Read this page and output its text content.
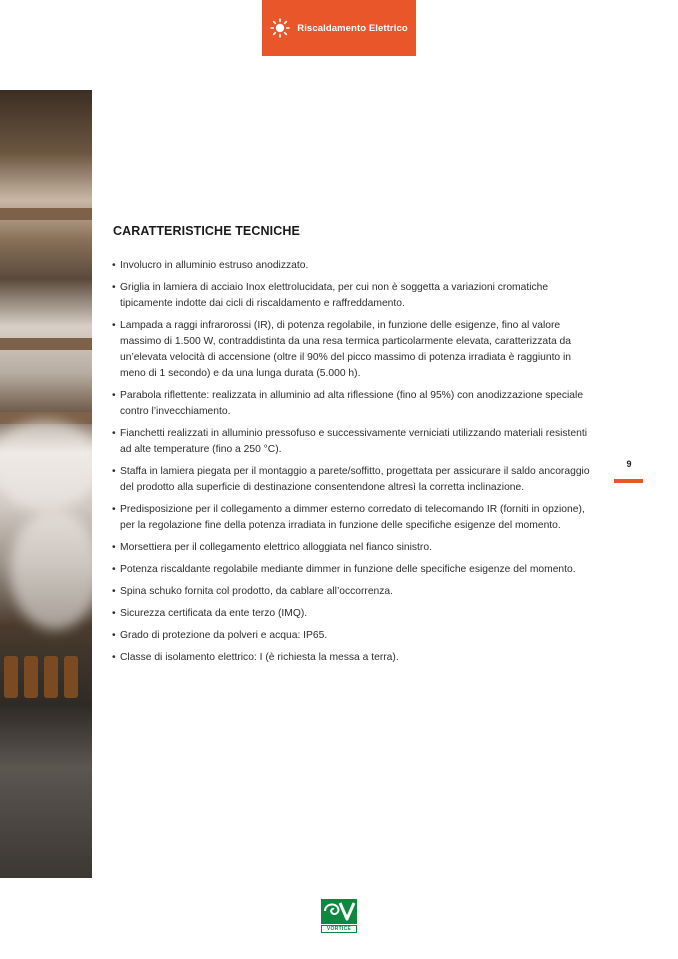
Riscaldamento Elettrico
CARATTERISTICHE TECNICHE
• Involucro in alluminio estruso anodizzato.
• Griglia in lamiera di acciaio Inox elettrolucidata, per cui non è soggetta a variazioni cromatiche tipicamente indotte dai cicli di riscaldamento e raffreddamento.
• Lampada a raggi infrarorossi (IR), di potenza regolabile, in funzione delle esigenze, fino al valore massimo di 1.500 W, contraddistinta da una resa termica particolarmente elevata, caratterizzata da un’elevata velocità di accensione (oltre il 90% del picco massimo di potenza irradiata è raggiunto in meno di 1 secondo) e da una lunga durata (5.000 h).
• Parabola riflettente: realizzata in alluminio ad alta riflessione (fino al 95%) con anodizzazione speciale contro l’invecchiamento.
• Fianchetti realizzati in alluminio pressofuso e successivamente verniciati utilizzando materiali resistenti ad alte temperature (fino a 250 °C).
• Staffa in lamiera piegata per il montaggio a parete/soffitto, progettata per assicurare il saldo ancoraggio del prodotto alla superficie di destinazione consentendone altresì la corretta inclinazione.
• Predisposizione per il collegamento a dimmer esterno corredato di telecomando IR (forniti in opzione), per la regolazione fine della potenza irradiata in funzione delle specifiche esigenze del momento.
• Morsettiera per il collegamento elettrico alloggiata nel fianco sinistro.
• Potenza riscaldante regolabile mediante dimmer in funzione delle specifiche esigenze del momento.
• Spina schuko fornita col prodotto, da cablare all’occorrenza.
• Sicurezza certificata da ente terzo (IMQ).
• Grado di protezione da polveri e acqua: IP65.
• Classe di isolamento elettrico: I (è richiesta la messa a terra).
9
VORTICE
